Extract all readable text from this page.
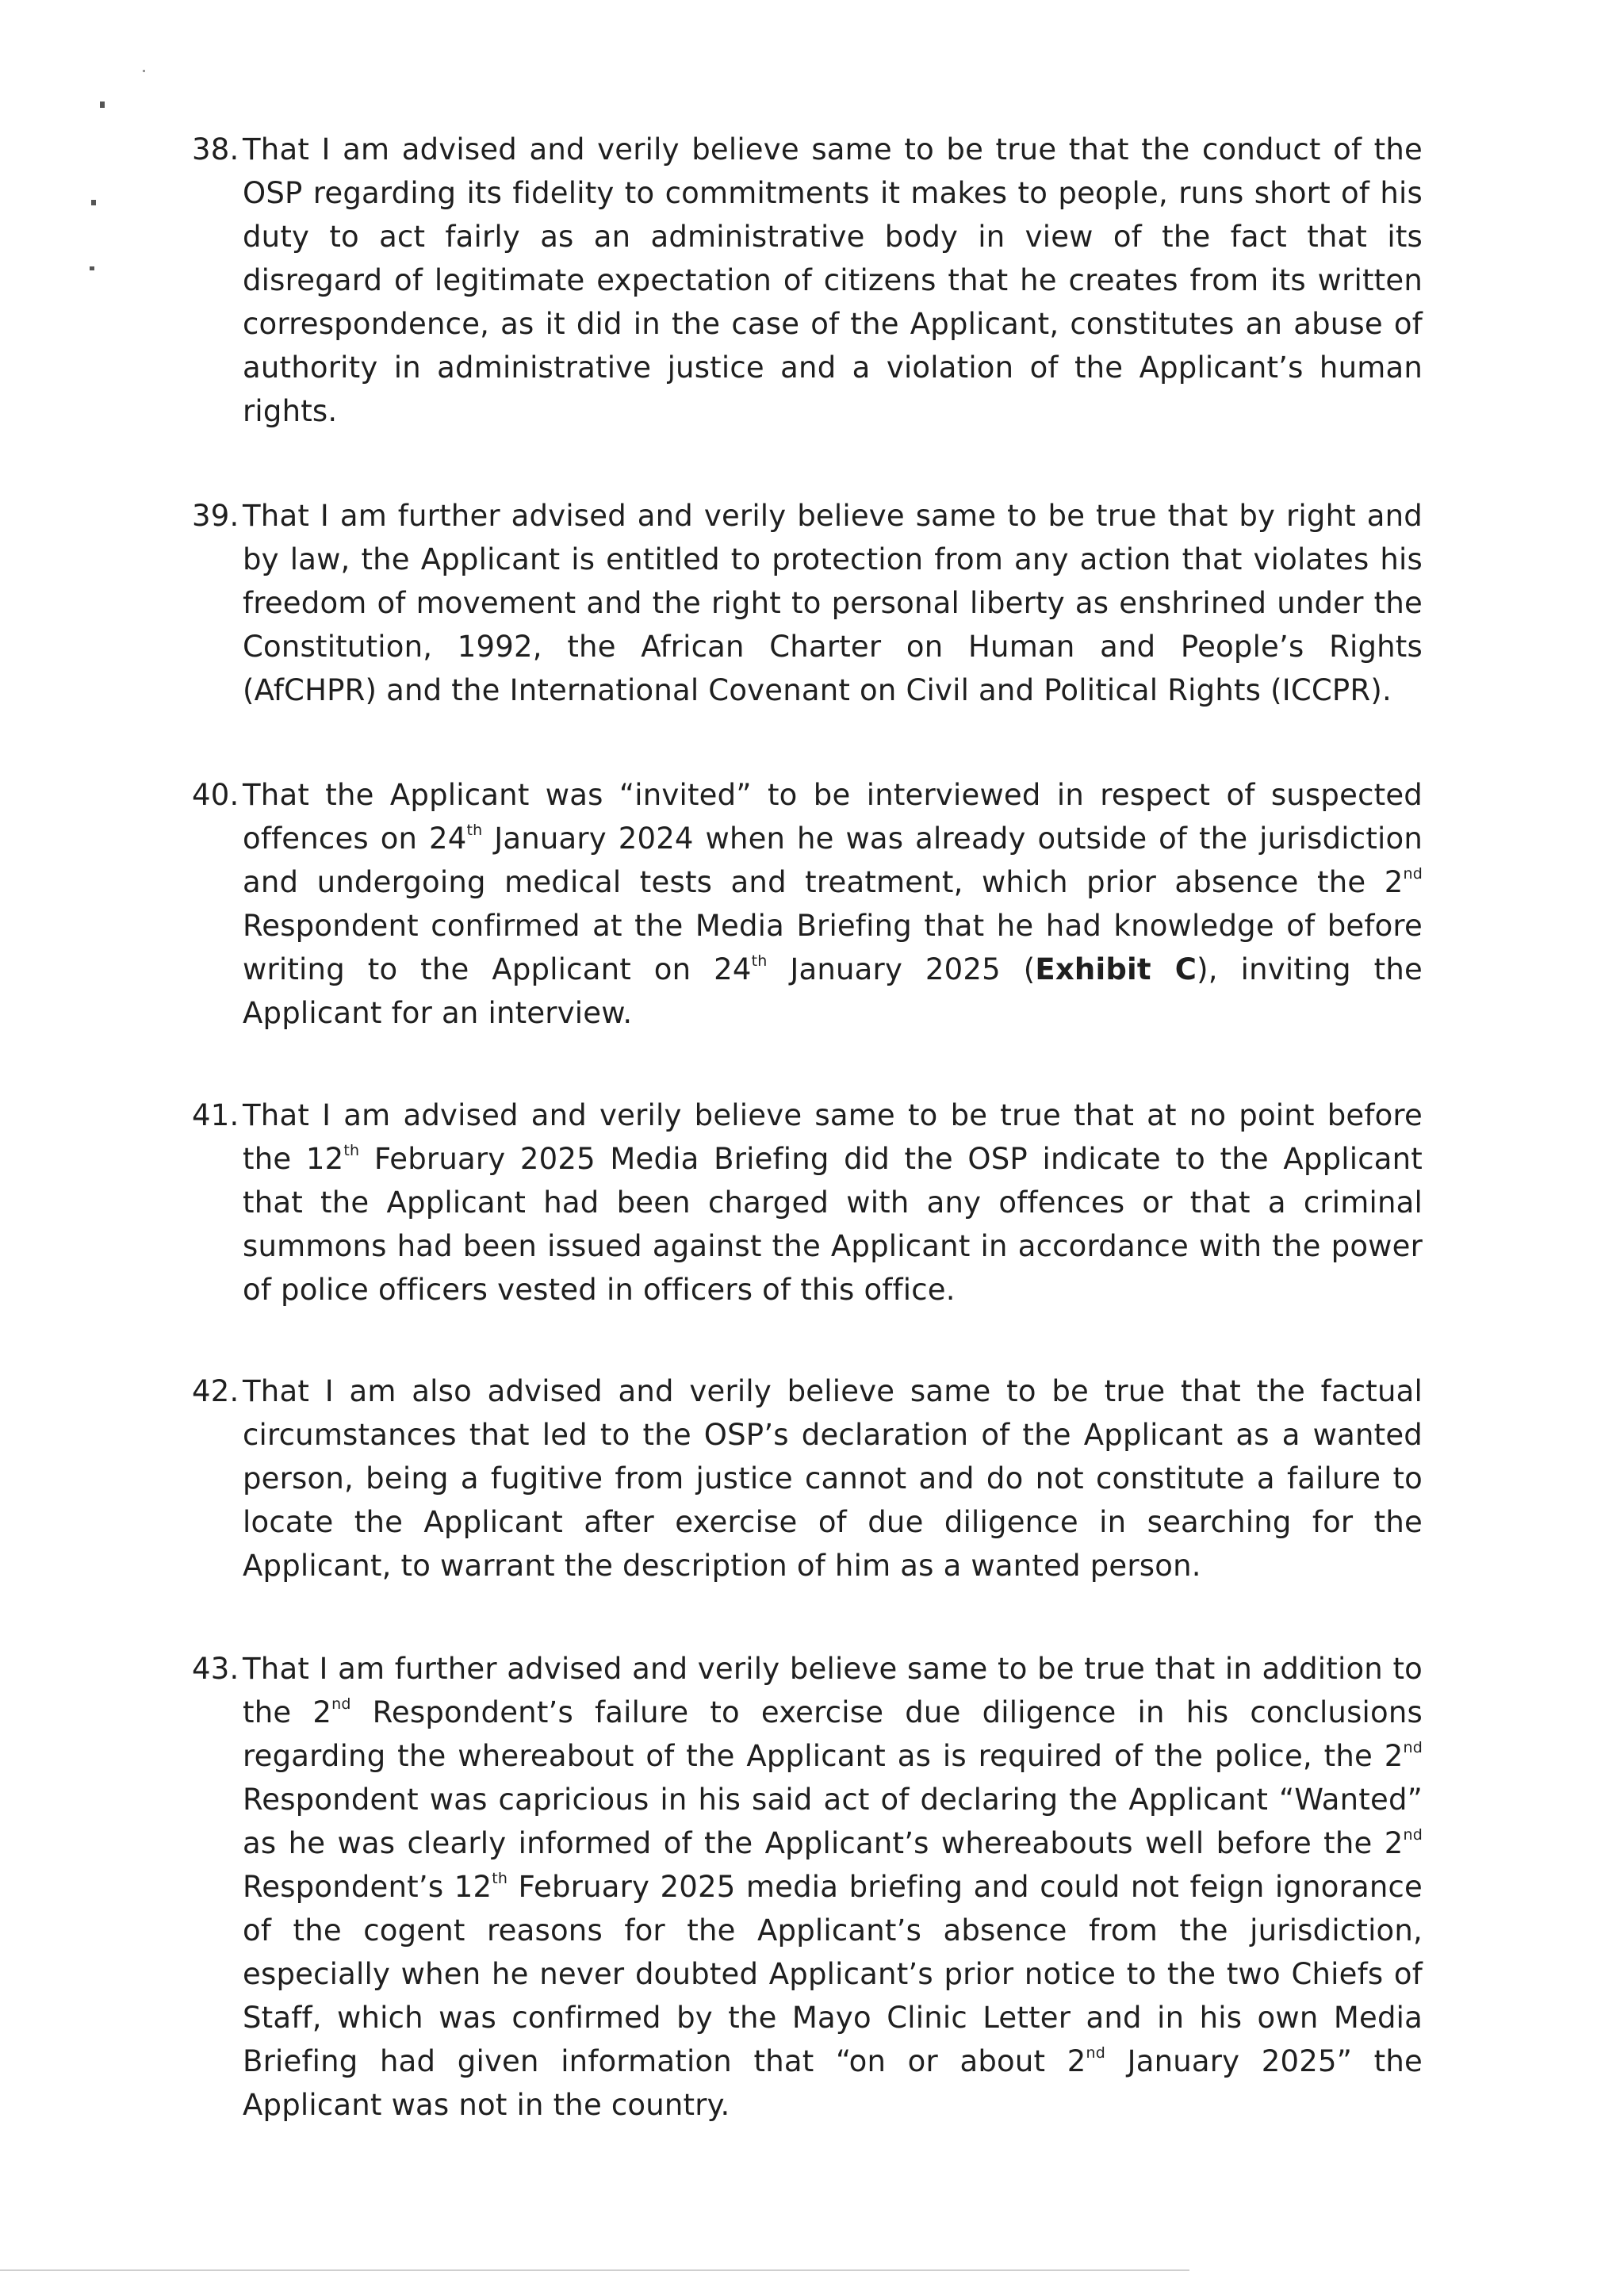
38. That I am advised and verily believe same to be true that the conduct of the OSP regarding its fidelity to commitments it makes to people, runs short of his duty to act fairly as an administrative body in view of the fact that its disregard of legitimate expectation of citizens that he creates from its written correspondence, as it did in the case of the Applicant, constitutes an abuse of authority in administrative justice and a violation of the Applicant’s human rights.
39. That I am further advised and verily believe same to be true that by right and by law, the Applicant is entitled to protection from any action that violates his freedom of movement and the right to personal liberty as enshrined under the Constitution, 1992, the African Charter on Human and People’s Rights (AfCHPR) and the International Covenant on Civil and Political Rights (ICCPR).
40. That the Applicant was “invited” to be interviewed in respect of suspected offences on 24th January 2024 when he was already outside of the jurisdiction and undergoing medical tests and treatment, which prior absence the 2nd Respondent confirmed at the Media Briefing that he had knowledge of before writing to the Applicant on 24th January 2025 (Exhibit C), inviting the Applicant for an interview.
41. That I am advised and verily believe same to be true that at no point before the 12th February 2025 Media Briefing did the OSP indicate to the Applicant that the Applicant had been charged with any offences or that a criminal summons had been issued against the Applicant in accordance with the power of police officers vested in officers of this office.
42. That I am also advised and verily believe same to be true that the factual circumstances that led to the OSP’s declaration of the Applicant as a wanted person, being a fugitive from justice cannot and do not constitute a failure to locate the Applicant after exercise of due diligence in searching for the Applicant, to warrant the description of him as a wanted person.
43. That I am further advised and verily believe same to be true that in addition to the 2nd Respondent’s failure to exercise due diligence in his conclusions regarding the whereabout of the Applicant as is required of the police, the 2nd Respondent was capricious in his said act of declaring the Applicant “Wanted” as he was clearly informed of the Applicant’s whereabouts well before the 2nd Respondent’s 12th February 2025 media briefing and could not feign ignorance of the cogent reasons for the Applicant’s absence from the jurisdiction, especially when he never doubted Applicant’s prior notice to the two Chiefs of Staff, which was confirmed by the Mayo Clinic Letter and in his own Media Briefing had given information that “on or about 2nd January 2025” the Applicant was not in the country.
